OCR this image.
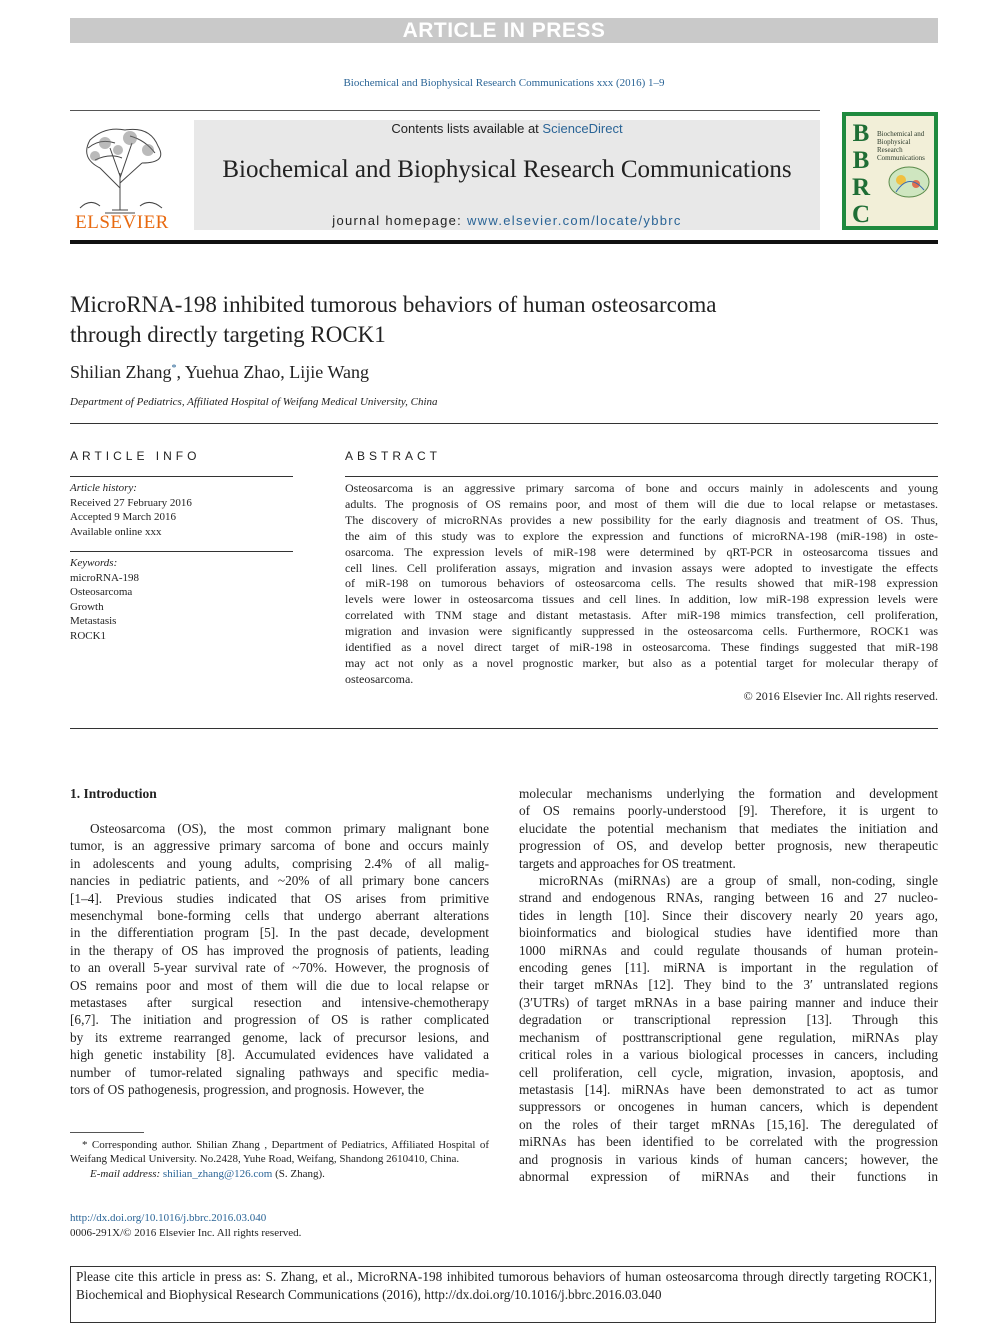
ARTICLE IN PRESS
Biochemical and Biophysical Research Communications xxx (2016) 1–9
ELSEVIER
Contents lists available at ScienceDirect
Biochemical and Biophysical Research Communications
journal homepage: www.elsevier.com/locate/ybbrc
B
B
R
C
Biochemical and Biophysical Research Communications
MicroRNA-198 inhibited tumorous behaviors of human osteosarcoma
through directly targeting ROCK1
Shilian Zhang*, Yuehua Zhao, Lijie Wang
Department of Pediatrics, Affiliated Hospital of Weifang Medical University, China
ARTICLE INFO
Article history:
Received 27 February 2016
Accepted 9 March 2016
Available online xxx
Keywords:
microRNA-198
Osteosarcoma
Growth
Metastasis
ROCK1
ABSTRACT
Osteosarcoma is an aggressive primary sarcoma of bone and occurs mainly in adolescents and young
adults. The prognosis of OS remains poor, and most of them will die due to local relapse or metastases.
The discovery of microRNAs provides a new possibility for the early diagnosis and treatment of OS. Thus,
the aim of this study was to explore the expression and functions of microRNA-198 (miR-198) in oste-
osarcoma. The expression levels of miR-198 were determined by qRT-PCR in osteosarcoma tissues and
cell lines. Cell proliferation assays, migration and invasion assays were adopted to investigate the effects
of miR-198 on tumorous behaviors of osteosarcoma cells. The results showed that miR-198 expression
levels were lower in osteosarcoma tissues and cell lines. In addition, low miR-198 expression levels were
correlated with TNM stage and distant metastasis. After miR-198 mimics transfection, cell proliferation,
migration and invasion were significantly suppressed in the osteosarcoma cells. Furthermore, ROCK1 was
identified as a novel direct target of miR-198 in osteosarcoma. These findings suggested that miR-198
may act not only as a novel prognostic marker, but also as a potential target for molecular therapy of
osteosarcoma.
© 2016 Elsevier Inc. All rights reserved.
1. Introduction
Osteosarcoma (OS), the most common primary malignant bone
tumor, is an aggressive primary sarcoma of bone and occurs mainly
in adolescents and young adults, comprising 2.4% of all malig-
nancies in pediatric patients, and ~20% of all primary bone cancers
[1–4]. Previous studies indicated that OS arises from primitive
mesenchymal bone-forming cells that undergo aberrant alterations
in the differentiation program [5]. In the past decade, development
in the therapy of OS has improved the prognosis of patients, leading
to an overall 5-year survival rate of ~70%. However, the prognosis of
OS remains poor and most of them will die due to local relapse or
metastases after surgical resection and intensive-chemotherapy
[6,7]. The initiation and progression of OS is rather complicated
by its extreme rearranged genome, lack of precursor lesions, and
high genetic instability [8]. Accumulated evidences have validated a
number of tumor-related signaling pathways and specific media-
tors of OS pathogenesis, progression, and prognosis. However, the
molecular mechanisms underlying the formation and development
of OS remains poorly-understood [9]. Therefore, it is urgent to
elucidate the potential mechanism that mediates the initiation and
progression of OS, and develop better prognosis, new therapeutic
targets and approaches for OS treatment.
microRNAs (miRNAs) are a group of small, non-coding, single
strand and endogenous RNAs, ranging between 16 and 27 nucleo-
tides in length [10]. Since their discovery nearly 20 years ago,
bioinformatics and biological studies have identified more than
1000 miRNAs and could regulate thousands of human protein-
encoding genes [11]. miRNA is important in the regulation of
their target mRNAs [12]. They bind to the 3′ untranslated regions
(3′UTRs) of target mRNAs in a base pairing manner and induce their
degradation or transcriptional repression [13]. Through this
mechanism of posttranscriptional gene regulation, miRNAs play
critical roles in a various biological processes in cancers, including
cell proliferation, cell cycle, migration, invasion, apoptosis, and
metastasis [14]. miRNAs have been demonstrated to act as tumor
suppressors or oncogenes in human cancers, which is dependent
on the roles of their target mRNAs [15,16]. The deregulated of
miRNAs has been identified to be correlated with the progression
and prognosis in various kinds of human cancers; however, the
abnormal expression of miRNAs and their functions in
* Corresponding author. Shilian Zhang , Department of Pediatrics, Affiliated Hospital of Weifang Medical University. No.2428, Yuhe Road, Weifang, Shandong 2610410, China.
E-mail address: shilian_zhang@126.com (S. Zhang).
http://dx.doi.org/10.1016/j.bbrc.2016.03.040
0006-291X/© 2016 Elsevier Inc. All rights reserved.
Please cite this article in press as: S. Zhang, et al., MicroRNA-198 inhibited tumorous behaviors of human osteosarcoma through directly targeting ROCK1, Biochemical and Biophysical Research Communications (2016), http://dx.doi.org/10.1016/j.bbrc.2016.03.040
